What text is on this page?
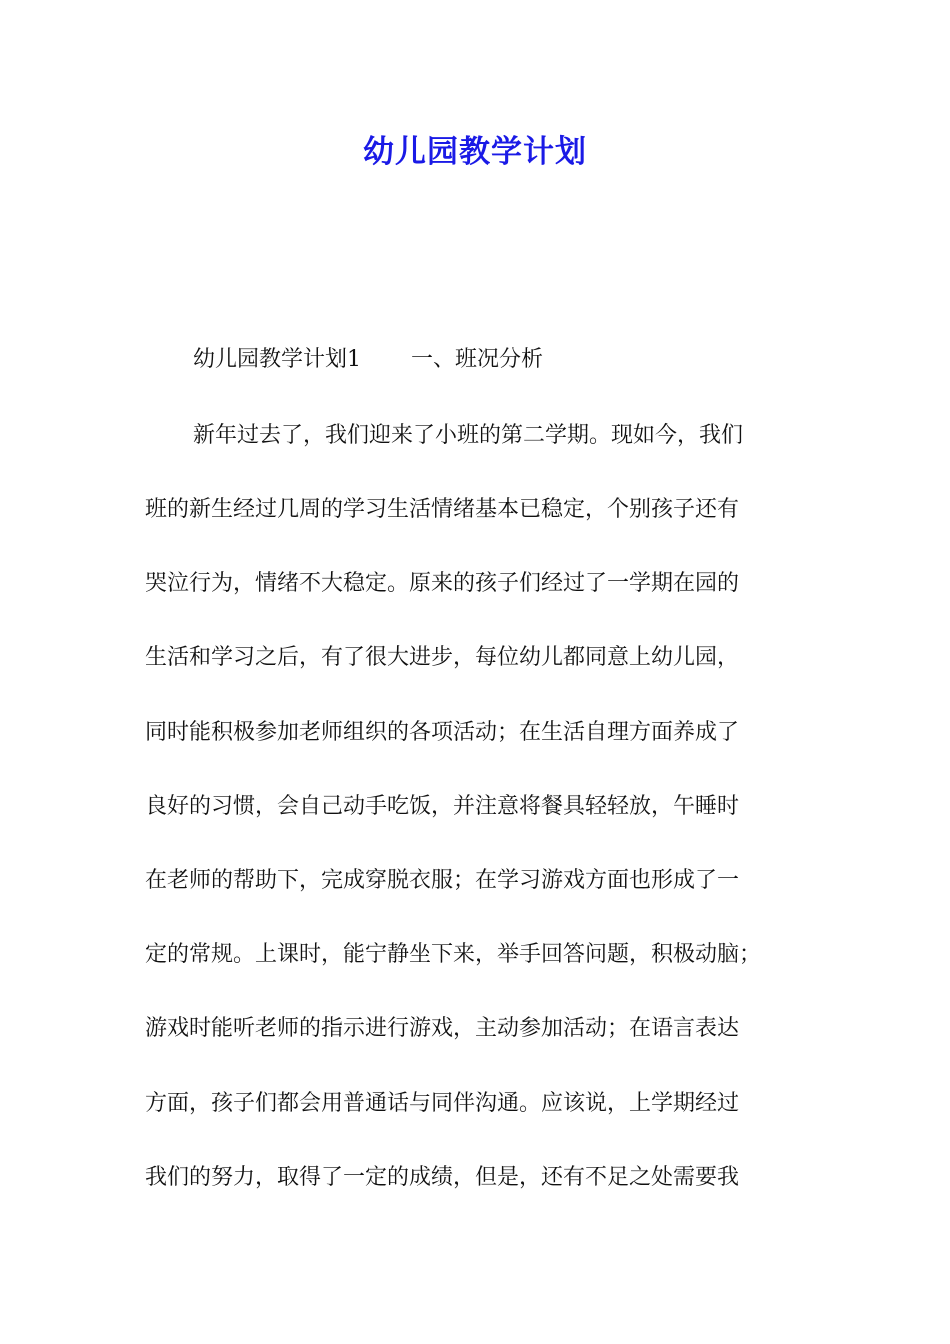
幼儿园教学计划
幼儿园教学计划1 一、班况分析
新年过去了，我们迎来了小班的第二学期。现如今，我们
班的新生经过几周的学习生活情绪基本已稳定，个别孩子还有
哭泣行为，情绪不大稳定。原来的孩子们经过了一学期在园的
生活和学习之后，有了很大进步，每位幼儿都同意上幼儿园，
同时能积极参加老师组织的各项活动；在生活自理方面养成了
良好的习惯，会自己动手吃饭，并注意将餐具轻轻放，午睡时
在老师的帮助下，完成穿脱衣服；在学习游戏方面也形成了一
定的常规。上课时，能宁静坐下来，举手回答问题，积极动脑；
游戏时能听老师的指示进行游戏，主动参加活动；在语言表达
方面，孩子们都会用普通话与同伴沟通。应该说，上学期经过
我们的努力，取得了一定的成绩，但是，还有不足之处需要我
